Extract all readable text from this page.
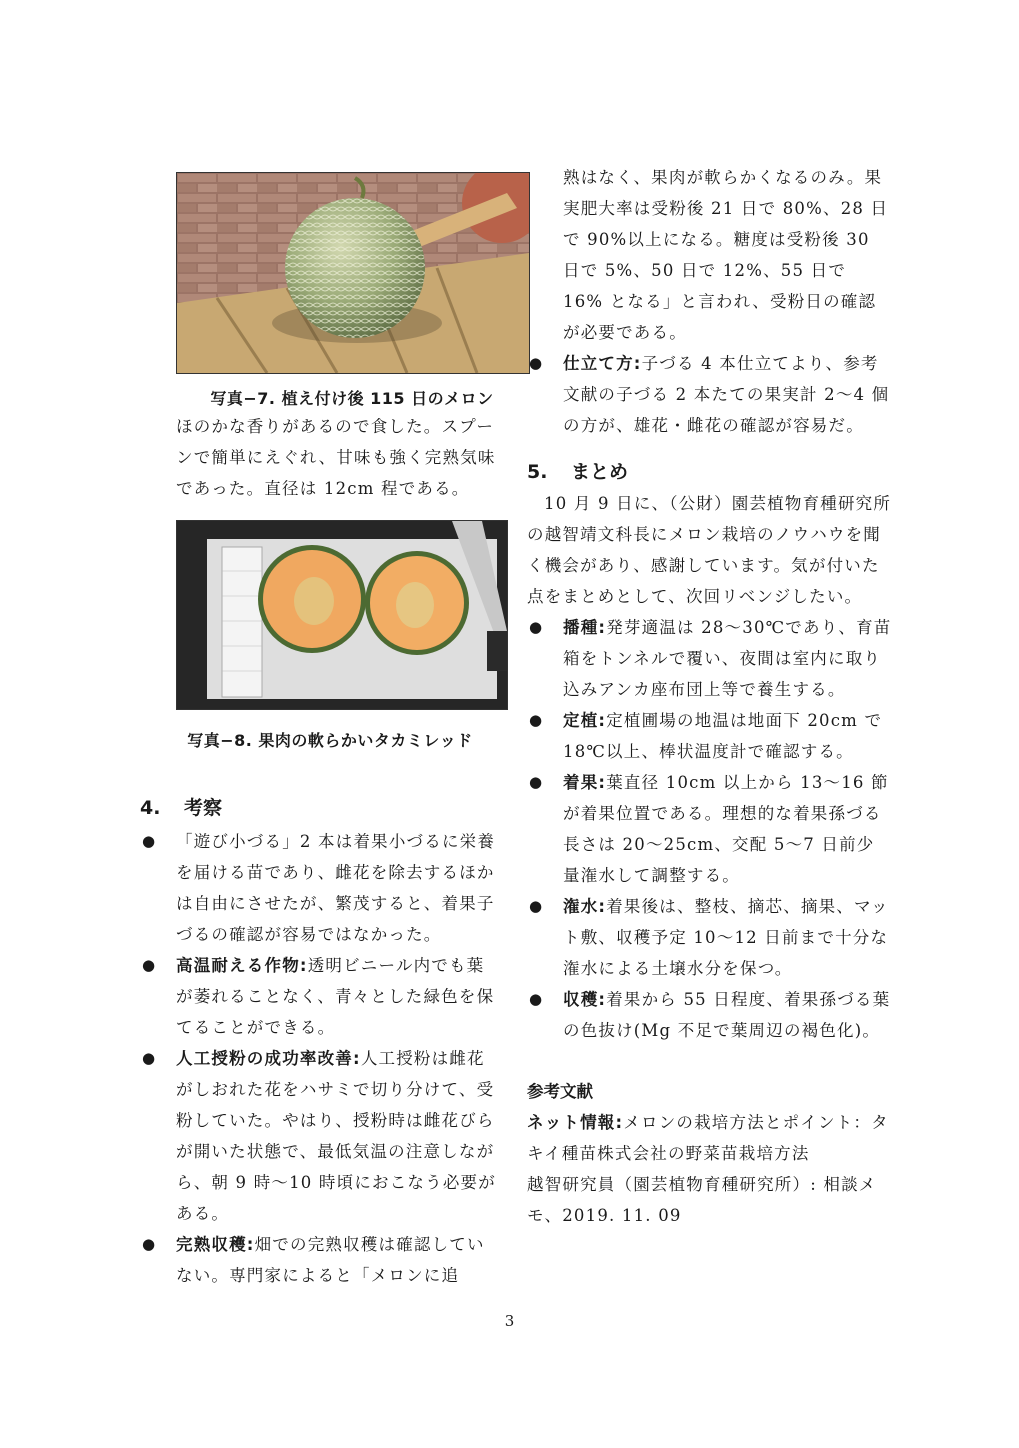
写真−7. 植え付け後 115 日のメロン

ほのかな香りがあるので食した。スプーンで簡単にえぐれ、甘味も強く完熟気味であった。直径は 12cm 程である。

写真−8. 果肉の軟らかいタカミレッド
4. 考察
● 「遊び小づる」2 本は着果小づるに栄養を届ける苗であり、雌花を除去するほかは自由にさせたが、繁茂すると、着果子づるの確認が容易ではなかった。
● 高温耐える作物:透明ビニール内でも葉が萎れることなく、青々とした緑色を保てることができる。
● 人工授粉の成功率改善:人工授粉は雌花がしおれた花をハサミで切り分けて、受粉していた。やはり、授粉時は雌花びらが開いた状態で、最低気温の注意しながら、朝 9 時〜10 時頃におこなう必要がある。
● 完熟収穫:畑での完熟収穫は確認していない。専門家によると「メロンに追

熟はなく、果肉が軟らかくなるのみ。果実肥大率は受粉後 21 日で 80%、28 日で 90%以上になる。糖度は受粉後 30 日で 5%、50 日で 12%、55 日で 16% となる」と言われ、受粉日の確認が必要である。

● 仕立て方:子づる 4 本仕立てより、参考文献の子づる 2 本たての果実計 2〜4 個の方が、雄花・雌花の確認が容易だ。
5. まとめ

10 月 9 日に、（公財）園芸植物育種研究所の越智靖文科長にメロン栽培のノウハウを聞く機会があり、感謝しています。気が付いた点をまとめとして、次回リベンジしたい。

● 播種:発芽適温は 28〜30℃であり、育苗箱をトンネルで覆い、夜間は室内に取り込みアンカ座布団上等で養生する。
● 定植:定植圃場の地温は地面下 20cm で 18℃以上、棒状温度計で確認する。
● 着果:葉直径 10cm 以上から 13〜16 節が着果位置である。理想的な着果孫づる長さは 20〜25cm、交配 5〜7 日前少量潅水して調整する。
● 潅水:着果後は、整枝、摘芯、摘果、マット敷、収穫予定 10〜12 日前まで十分な潅水による土壌水分を保つ。
● 収穫:着果から 55 日程度、着果孫づる葉の色抜け(Mg 不足で葉周辺の褐色化)。
参考文献

ネット情報:メロンの栽培方法とポイント：タキイ種苗株式会社の野菜苗栽培方法

越智研究員（園芸植物育種研究所）: 相談メモ、2019. 11. 09

3
